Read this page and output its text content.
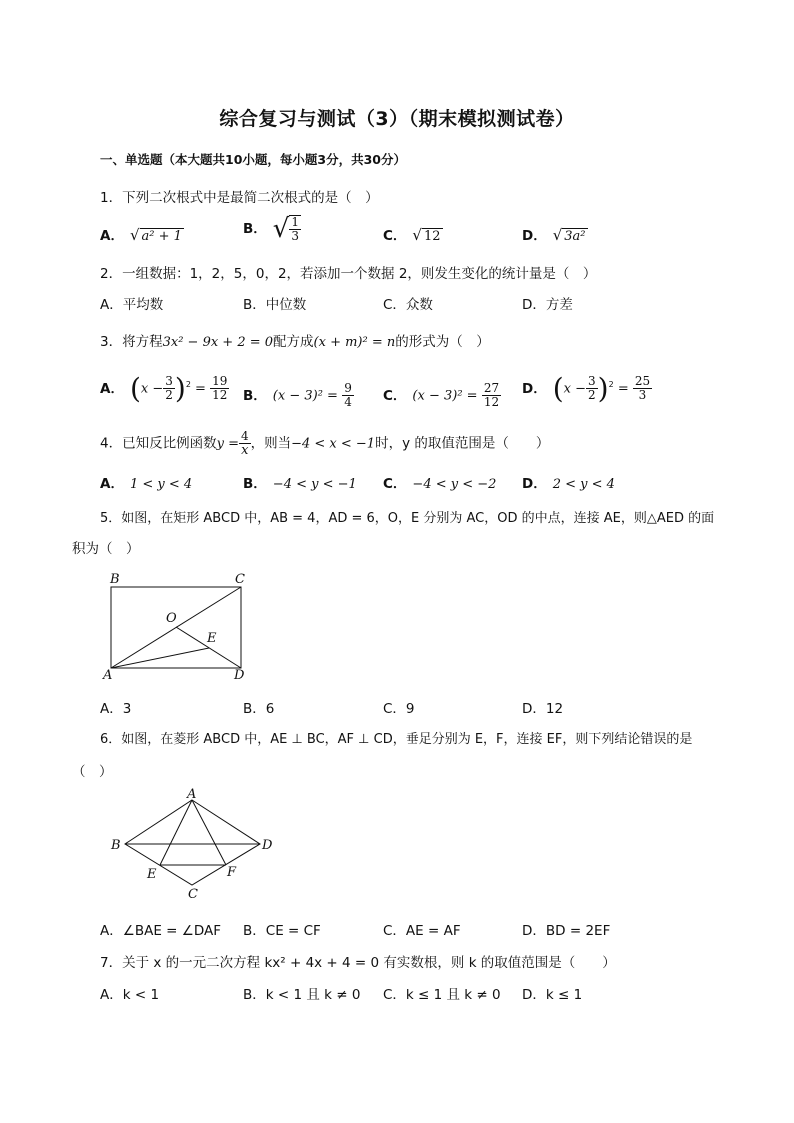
综合复习与测试（3）（期末模拟测试卷）
一、单选题（本大题共10小题，每小题3分，共30分）
1．下列二次根式中是最简二次根式的是（　）
A． √ a² + 1	B． √ $\frac{1}{3}$	C． √ 12	D． √ 3a²
2．一组数据：1，2，5，0，2，若添加一个数据 2，则发生变化的统计量是（　）
A．平均数	B．中位数	C．众数	D．方差
3．将方程3x² − 9x + 2 = 0配方成(x + m)² = n的形式为（　）
A． $(x - \frac{3}{2} )^2 = \frac{19}{12}$ B． $(x - 3)^2 = \frac{9}{4}$ C． $(x - 3)^2 = \frac{27}{12}$ D． $(x - \frac{3}{2} )^2 = \frac{25}{3}$
4．已知反比例函数$y = \frac{4}{x}$ ，则当−4 < x < −1时，y 的取值范围是（　　）
A． 1 < y < 4	B． −4 < y < −1 C． −4 < y < −2 D． 2 < y < 4
5．如图，在矩形 ABCD 中，AB = 4，AD = 6，O，E 分别为 AC，OD 的中点，连接 AE，则△AED 的面
积为（　）
B	C
A	D
O
E
A．3	B．6	C．9	D．12
6．如图，在菱形 ABCD 中，AE ⊥ BC，AF ⊥ CD，垂足分别为 E，F，连接 EF，则下列结论错误的是
（　）
A
B	D
C
E	F
A．∠BAE = ∠DAF B．CE = CF	C．AE = AF	D．BD = 2EF
7．关于 x 的一元二次方程 kx² + 4x + 4 = 0 有实数根，则 k 的取值范围是（　　）
A．k < 1	B．k < 1 且 k ≠ 0 C．k ≤ 1 且 k ≠ 0 D．k ≤ 1
